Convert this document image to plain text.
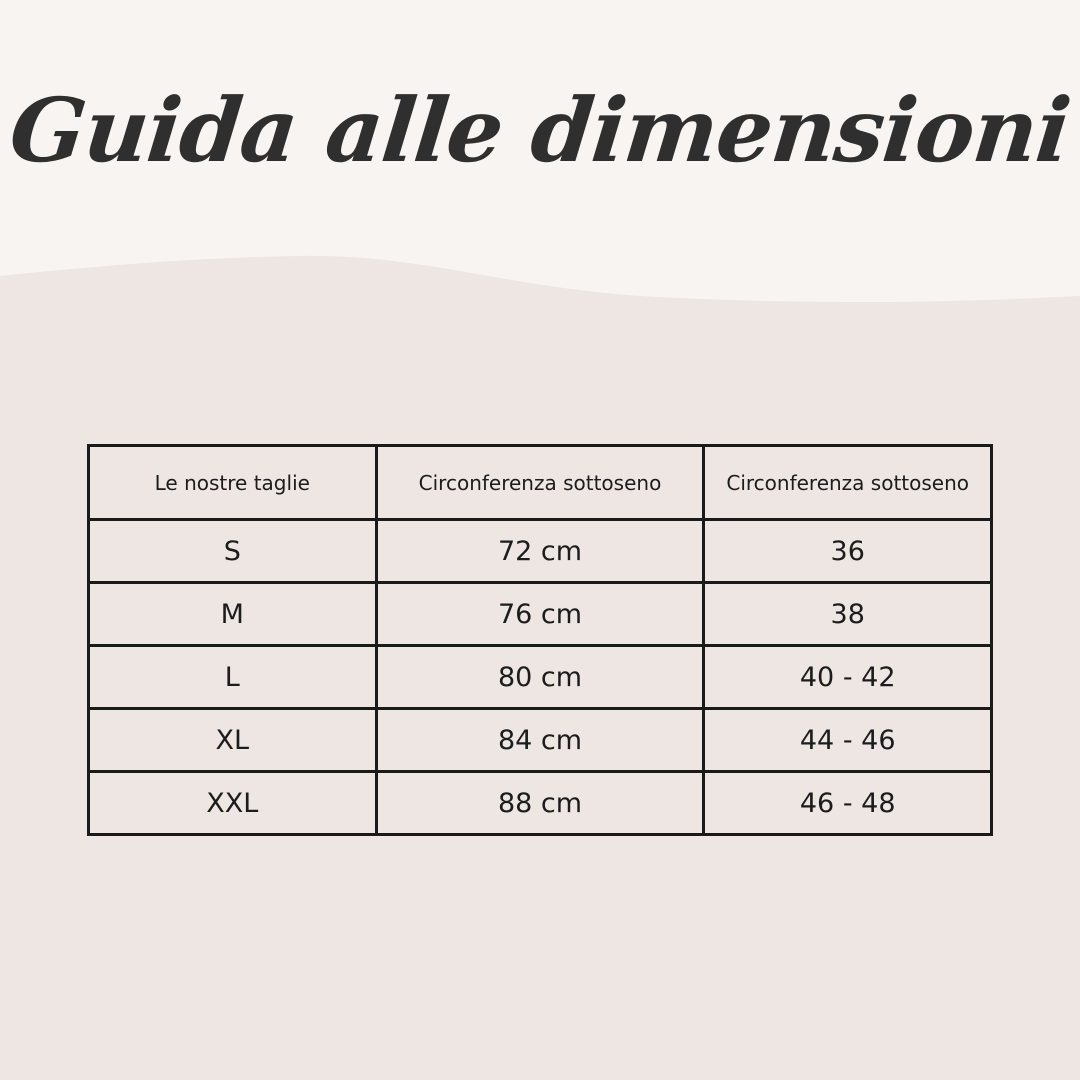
Guida alle dimensioni
Le nostre taglie	Circonferenza sottoseno	Circonferenza sottoseno
S	72 cm	36
M	76 cm	38
L	80 cm	40 - 42
XL	84 cm	44 - 46
XXL	88 cm	46 - 48
